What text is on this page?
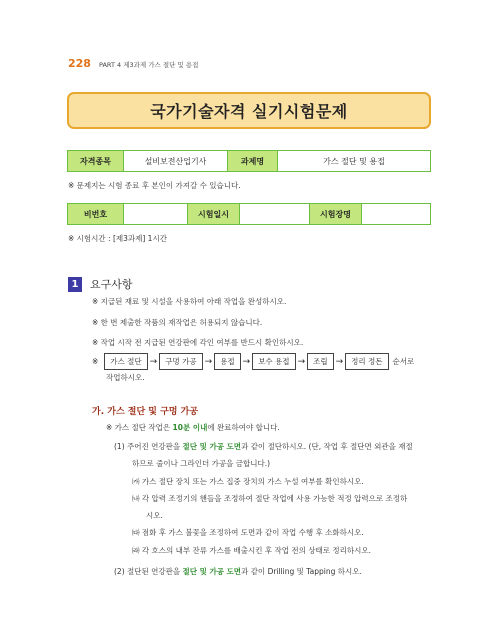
228 PART 4 제3과제 가스 절단 및 용접
국가기술자격 실기시험문제
자격종목	설비보전산업기사	과제명	가스 절단 및 용접
※ 문제지는 시험 종료 후 본인이 가져갈 수 있습니다.
비번호		시험일시		시험장명	
※ 시험시간 : [제3과제] 1시간
1	요구사항
※ 지급된 재료 및 시설을 사용하여 아래 작업을 완성하시오.
※ 한 번 제출한 작품의 재작업은 허용되지 않습니다.
※ 작업 시작 전 지급된 연강판에 각인 여부를 반드시 확인하시오.
※	가스 절단 →	구멍 가공 →	용접 →	보수 용접 →	조립 →	정리 정돈	순서로
작업하시오.
가. 가스 절단 및 구멍 가공
※ 가스 절단 작업은 10분 이내에 완료하여야 합니다.
(1) 주어진 연강판을 절단 및 가공 도면과 같이 절단하시오. (단, 작업 후 절단면 외관을 재절
하므로 줄이나 그라인더 가공을 금합니다.)
㈎ 가스 절단 장치 또는 가스 집중 장치의 가스 누설 여부를 확인하시오.
㈏ 각 압력 조정기의 핸들을 조정하여 절단 작업에 사용 가능한 적정 압력으로 조정하
시오.
㈐ 점화 후 가스 불꽃을 조정하여 도면과 같이 작업 수행 후 소화하시오.
㈑ 각 호스의 내부 잔류 가스를 배출시킨 후 작업 전의 상태로 정리하시오.
(2) 절단된 연강판을 절단 및 가공 도면과 같이 Drilling 및 Tapping 하시오.
